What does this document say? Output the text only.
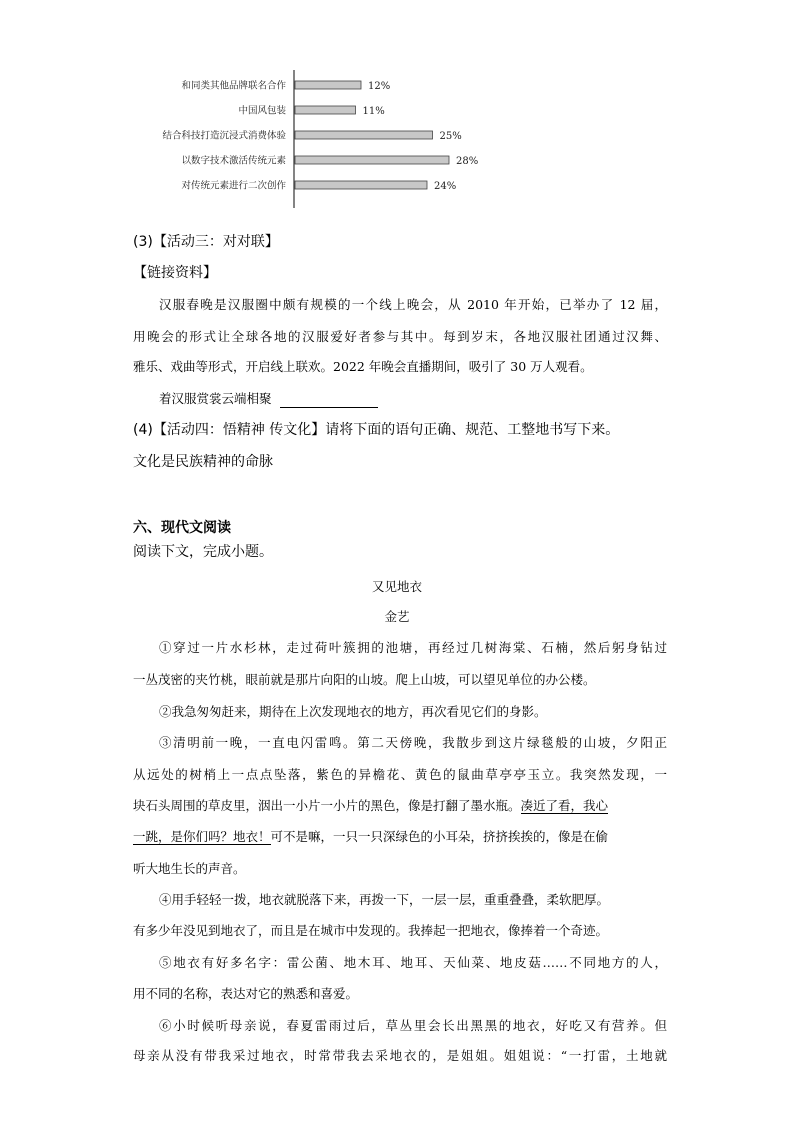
和同类其他品牌联名合作	12%
中国风包装	11%
结合科技打造沉浸式消费体验	25%
以数字技术激活传统元素	28%
对传统元素进行二次创作	24%
(3)【活动三：对对联】
【链接资料】
汉服春晚是汉服圈中颇有规模的一个线上晚会，从 2010 年开始，已举办了 12 届，
用晚会的形式让全球各地的汉服爱好者参与其中。每到岁末，各地汉服社团通过汉舞、
雅乐、戏曲等形式，开启线上联欢。2022 年晚会直播期间，吸引了 30 万人观看。
着汉服赏裳云端相聚
(4)【活动四：悟精神 传文化】请将下面的语句正确、规范、工整地书写下来。
文化是民族精神的命脉
六、现代文阅读
阅读下文，完成小题。
又见地衣
金艺
①穿过一片水杉林，走过荷叶簇拥的池塘，再经过几树海棠、石楠，然后躬身钻过
一丛茂密的夹竹桃，眼前就是那片向阳的山坡。爬上山坡，可以望见单位的办公楼。
②我急匆匆赶来，期待在上次发现地衣的地方，再次看见它们的身影。
③清明前一晚，一直电闪雷鸣。第二天傍晚，我散步到这片绿毯般的山坡，夕阳正
从远处的树梢上一点点坠落，紫色的异檐花、黄色的鼠曲草亭亭玉立。我突然发现，一
块石头周围的草皮里，洇出一小片一小片的黑色，像是打翻了墨水瓶。凑近了看，我心
一跳，是你们吗？地衣！可不是嘛，一只一只深绿色的小耳朵，挤挤挨挨的，像是在偷
听大地生长的声音。
④用手轻轻一拨，地衣就脱落下来，再拨一下，一层一层，重重叠叠，柔软肥厚。
有多少年没见到地衣了，而且是在城市中发现的。我捧起一把地衣，像捧着一个奇迹。
⑤地衣有好多名字：雷公菌、地木耳、地耳、天仙菜、地皮菇……不同地方的人，
用不同的名称，表达对它的熟悉和喜爱。
⑥小时候听母亲说，春夏雷雨过后，草丛里会长出黑黑的地衣，好吃又有营养。但
母亲从没有带我采过地衣，时常带我去采地衣的，是姐姐。姐姐说：“一打雷，土地就
